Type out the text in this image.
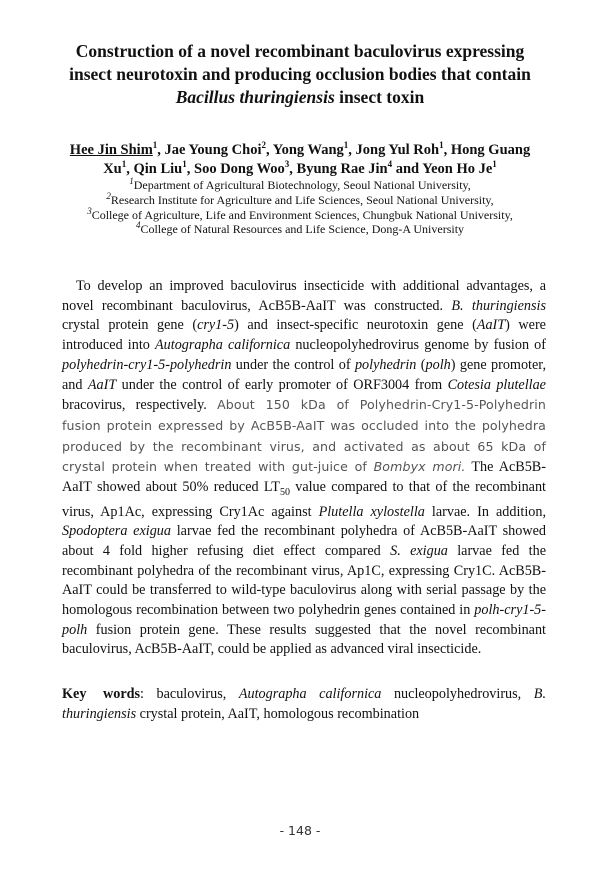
Construction of a novel recombinant baculovirus expressing
insect neurotoxin and producing occlusion bodies that contain
Bacillus thuringiensis insect toxin
Hee Jin Shim$^1$, Jae Young Choi$^2$, Yong Wang$^1$, Jong Yul Roh$^1$, Hong Guang Xu$^1$, Qin Liu$^1$, Soo Dong Woo$^3$, Byung Rae Jin$^4$ and Yeon Ho Je$^1$
$^1$Department of Agricultural Biotechnology, Seoul National University,
$^2$Research Institute for Agriculture and Life Sciences, Seoul National University,
$^3$College of Agriculture, Life and Environment Sciences, Chungbuk National University,
$^4$College of Natural Resources and Life Science, Dong-A University

To develop an improved baculovirus insecticide with additional advantages, a novel recombinant baculovirus, AcB5B-AaIT was constructed. B. thuringiensis crystal protein gene (cry1-5) and insect-specific neurotoxin gene (AaIT) were introduced into Autographa californica nucleopolyhedrovirus genome by fusion of polyhedrin-cry1-5-polyhedrin under the control of polyhedrin (polh) gene promoter, and AaIT under the control of early promoter of ORF3004 from Cotesia plutellae bracovirus, respectively. About 150 kDa of Polyhedrin-Cry1-5-Polyhedrin fusion protein expressed by AcB5B-AaIT was occluded into the polyhedra produced by the recombinant virus, and activated as about 65 kDa of crystal protein when treated with gut-juice of Bombyx mori. The AcB5B-AaIT showed about 50% reduced $LT_{50}$ value compared to that of the recombinant virus, Ap1Ac, expressing Cry1Ac against Plutella xylostella larvae. In addition, Spodoptera exigua larvae fed the recombinant polyhedra of AcB5B-AaIT showed about 4 fold higher refusing diet effect compared S. exigua larvae fed the recombinant polyhedra of the recombinant virus, Ap1C, expressing Cry1C. AcB5B-AaIT could be transferred to wild-type baculovirus along with serial passage by the homologous recombination between two polyhedrin genes contained in polh-cry1-5-polh fusion protein gene. These results suggested that the novel recombinant baculovirus, AcB5B-AaIT, could be applied as advanced viral insecticide.

Key words: baculovirus, Autographa californica nucleopolyhedrovirus, B. thuringiensis crystal protein, AaIT, homologous recombination
- 148 -
